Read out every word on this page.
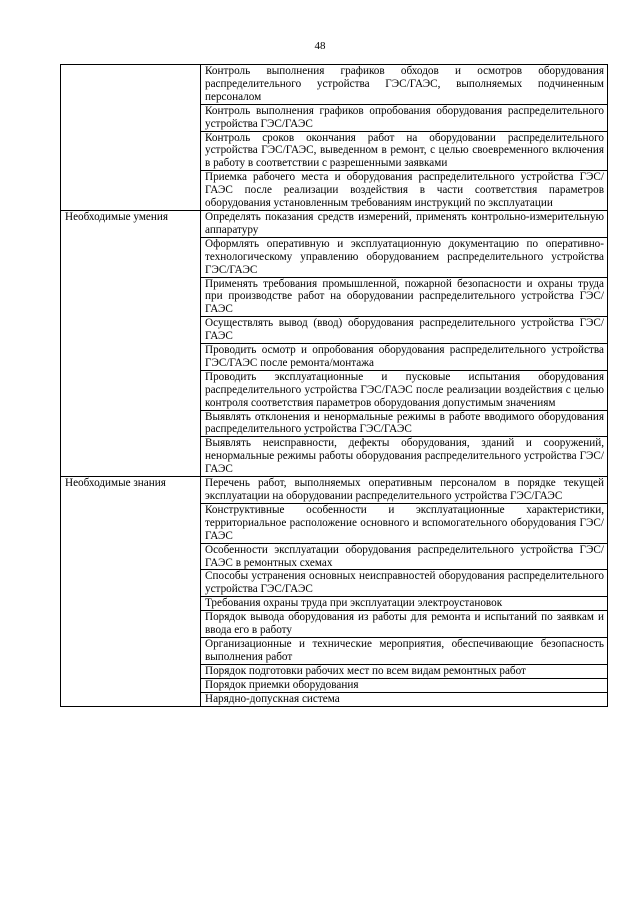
48
	Контроль выполнения графиков обходов и осмотров оборудования распределительного устройства ГЭС/ГАЭС, выполняемых подчиненным персоналом
	Контроль выполнения графиков опробования оборудования распределительного устройства ГЭС/ГАЭС
	Контроль сроков окончания работ на оборудовании распределительного устройства ГЭС/ГАЭС, выведенном в ремонт, с целью своевременного включения в работу в соответствии с разрешенными заявками
	Приемка рабочего места и оборудования распределительного устройства ГЭС/ГАЭС после реализации воздействия в части соответствия параметров оборудования установленным требованиям инструкций по эксплуатации
Необходимые умения	Определять показания средств измерений, применять контрольно-измерительную аппаратуру
	Оформлять оперативную и эксплуатационную документацию по оперативно-технологическому управлению оборудованием распределительного устройства ГЭС/ГАЭС
	Применять требования промышленной, пожарной безопасности и охраны труда при производстве работ на оборудовании распределительного устройства ГЭС/ГАЭС
	Осуществлять вывод (ввод) оборудования распределительного устройства ГЭС/ГАЭС
	Проводить осмотр и опробования оборудования распределительного устройства ГЭС/ГАЭС после ремонта/монтажа
	Проводить эксплуатационные и пусковые испытания оборудования распределительного устройства ГЭС/ГАЭС после реализации воздействия с целью контроля соответствия параметров оборудования допустимым значениям
	Выявлять отклонения и ненормальные режимы в работе вводимого оборудования распределительного устройства ГЭС/ГАЭС
	Выявлять неисправности, дефекты оборудования, зданий и сооружений, ненормальные режимы работы оборудования распределительного устройства ГЭС/ГАЭС
Необходимые знания	Перечень работ, выполняемых оперативным персоналом в порядке текущей эксплуатации на оборудовании распределительного устройства ГЭС/ГАЭС
	Конструктивные особенности и эксплуатационные характеристики, территориальное расположение основного и вспомогательного оборудования ГЭС/ГАЭС
	Особенности эксплуатации оборудования распределительного устройства ГЭС/ГАЭС в ремонтных схемах
	Способы устранения основных неисправностей оборудования распределительного устройства ГЭС/ГАЭС
	Требования охраны труда при эксплуатации электроустановок
	Порядок вывода оборудования из работы для ремонта и испытаний по заявкам и ввода его в работу
	Организационные и технические мероприятия, обеспечивающие безопасность выполнения работ
	Порядок подготовки рабочих мест по всем видам ремонтных работ
	Порядок приемки оборудования
	Нарядно-допускная система
